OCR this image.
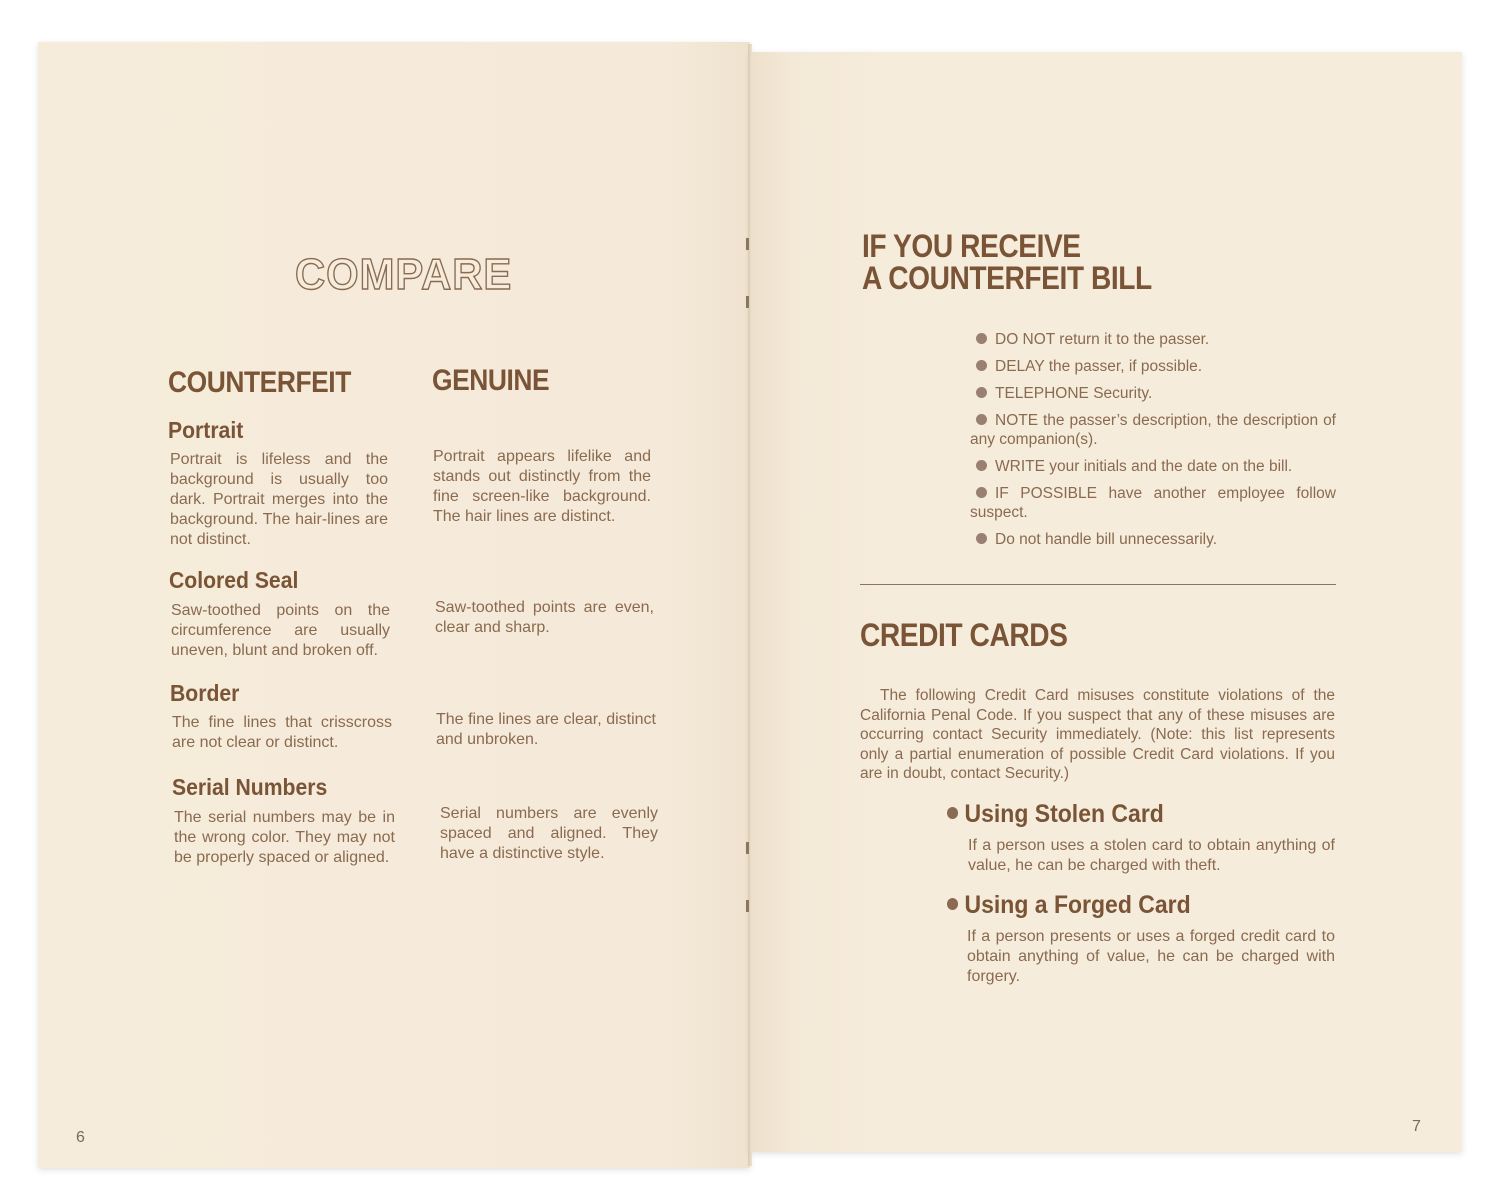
COMPARE
COUNTERFEIT	GENUINE
Portrait
Portrait is lifeless and the background is usually too dark. Portrait merges into the background. The hair-lines are not distinct.
Portrait appears lifelike and stands out distinctly from the fine screen-like background. The hair lines are distinct.
Colored Seal
Saw-toothed points on the circumference are usually uneven, blunt and broken off.
Saw-toothed points are even, clear and sharp.
Border
The fine lines that crisscross are not clear or distinct.
The fine lines are clear, distinct and unbroken.
Serial Numbers
The serial numbers may be in the wrong color. They may not be properly spaced or aligned.
Serial numbers are evenly spaced and aligned. They have a distinctive style.
6
IF YOU RECEIVE
A COUNTERFEIT BILL
DO NOT return it to the passer.
DELAY the passer, if possible.
TELEPHONE Security.
NOTE the passer’s description, the description of any companion(s).
WRITE your initials and the date on the bill.
IF POSSIBLE have another employee follow suspect.
Do not handle bill unnecessarily.
CREDIT CARDS
The following Credit Card misuses constitute violations of the California Penal Code. If you suspect that any of these misuses are occurring contact Security immediately. (Note: this list represents only a partial enumeration of possible Credit Card violations. If you are in doubt, contact Security.)
Using Stolen Card
If a person uses a stolen card to obtain anything of value, he can be charged with theft.
Using a Forged Card
If a person presents or uses a forged credit card to obtain anything of value, he can be charged with forgery.
7
